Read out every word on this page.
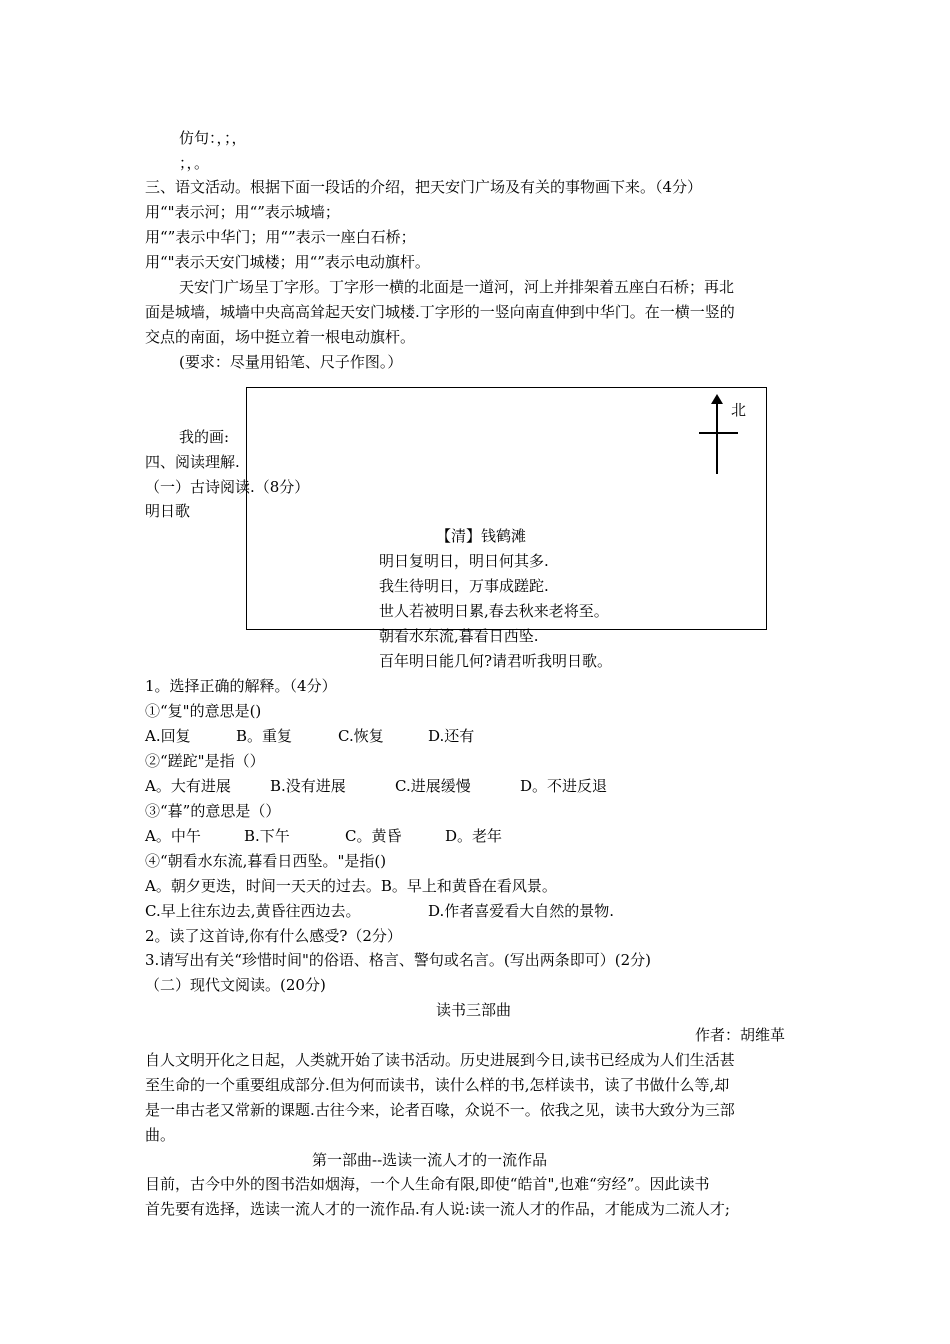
仿句：，；，
；，。
三、语文活动。根据下面一段话的介绍，把天安门广场及有关的事物画下来。（4分）
用“"表示河；用“”表示城墙；
用“”表示中华门；用“”表示一座白石桥；
用“"表示天安门城楼；用“”表示电动旗杆。
天安门广场呈丁字形。丁字形一横的北面是一道河，河上并排架着五座白石桥；再北
面是城墙，城墙中央高高耸起天安门城楼.丁字形的一竖向南直伸到中华门。在一横一竖的
交点的南面，场中挺立着一根电动旗杆。
(要求：尽量用铅笔、尺子作图。）
北
我的画:
四、阅读理解.
（一）古诗阅读.（8分）
明日歌
【清】钱鹤滩
明日复明日，明日何其多.
我生待明日，万事成蹉跎.
世人若被明日累,春去秋来老将至。
朝看水东流,暮看日西坠.
百年明日能几何?请君听我明日歌。
1。选择正确的解释。（4分）
①“复"的意思是()
A.回复	B。重复	C.恢复	D.还有
②“蹉跎"是指（）
A。大有进展	B.没有进展	C.进展缓慢	D。不进反退
③“暮”的意思是（）
A。中午	B.下午	C。黄昏	D。老年
④“朝看水东流,暮看日西坠。"是指()
A。朝夕更迭，时间一天天的过去。B。早上和黄昏在看风景。
C.早上往东边去,黄昏往西边去。	D.作者喜爱看大自然的景物.
2。读了这首诗,你有什么感受?（2分）
3.请写出有关“珍惜时间"的俗语、格言、警句或名言。(写出两条即可）(2分)
（二）现代文阅读。(20分)
读书三部曲
作者：胡维革
自人文明开化之日起，人类就开始了读书活动。历史进展到今日,读书已经成为人们生活甚
至生命的一个重要组成部分.但为何而读书，读什么样的书,怎样读书，读了书做什么等,却
是一串古老又常新的课题.古往今来，论者百喙，众说不一。依我之见，读书大致分为三部
曲。
第一部曲--选读一流人才的一流作品
目前，古今中外的图书浩如烟海，一个人生命有限,即使“皓首",也难“穷经”。因此读书
首先要有选择，选读一流人才的一流作品.有人说:读一流人才的作品，才能成为二流人才;
